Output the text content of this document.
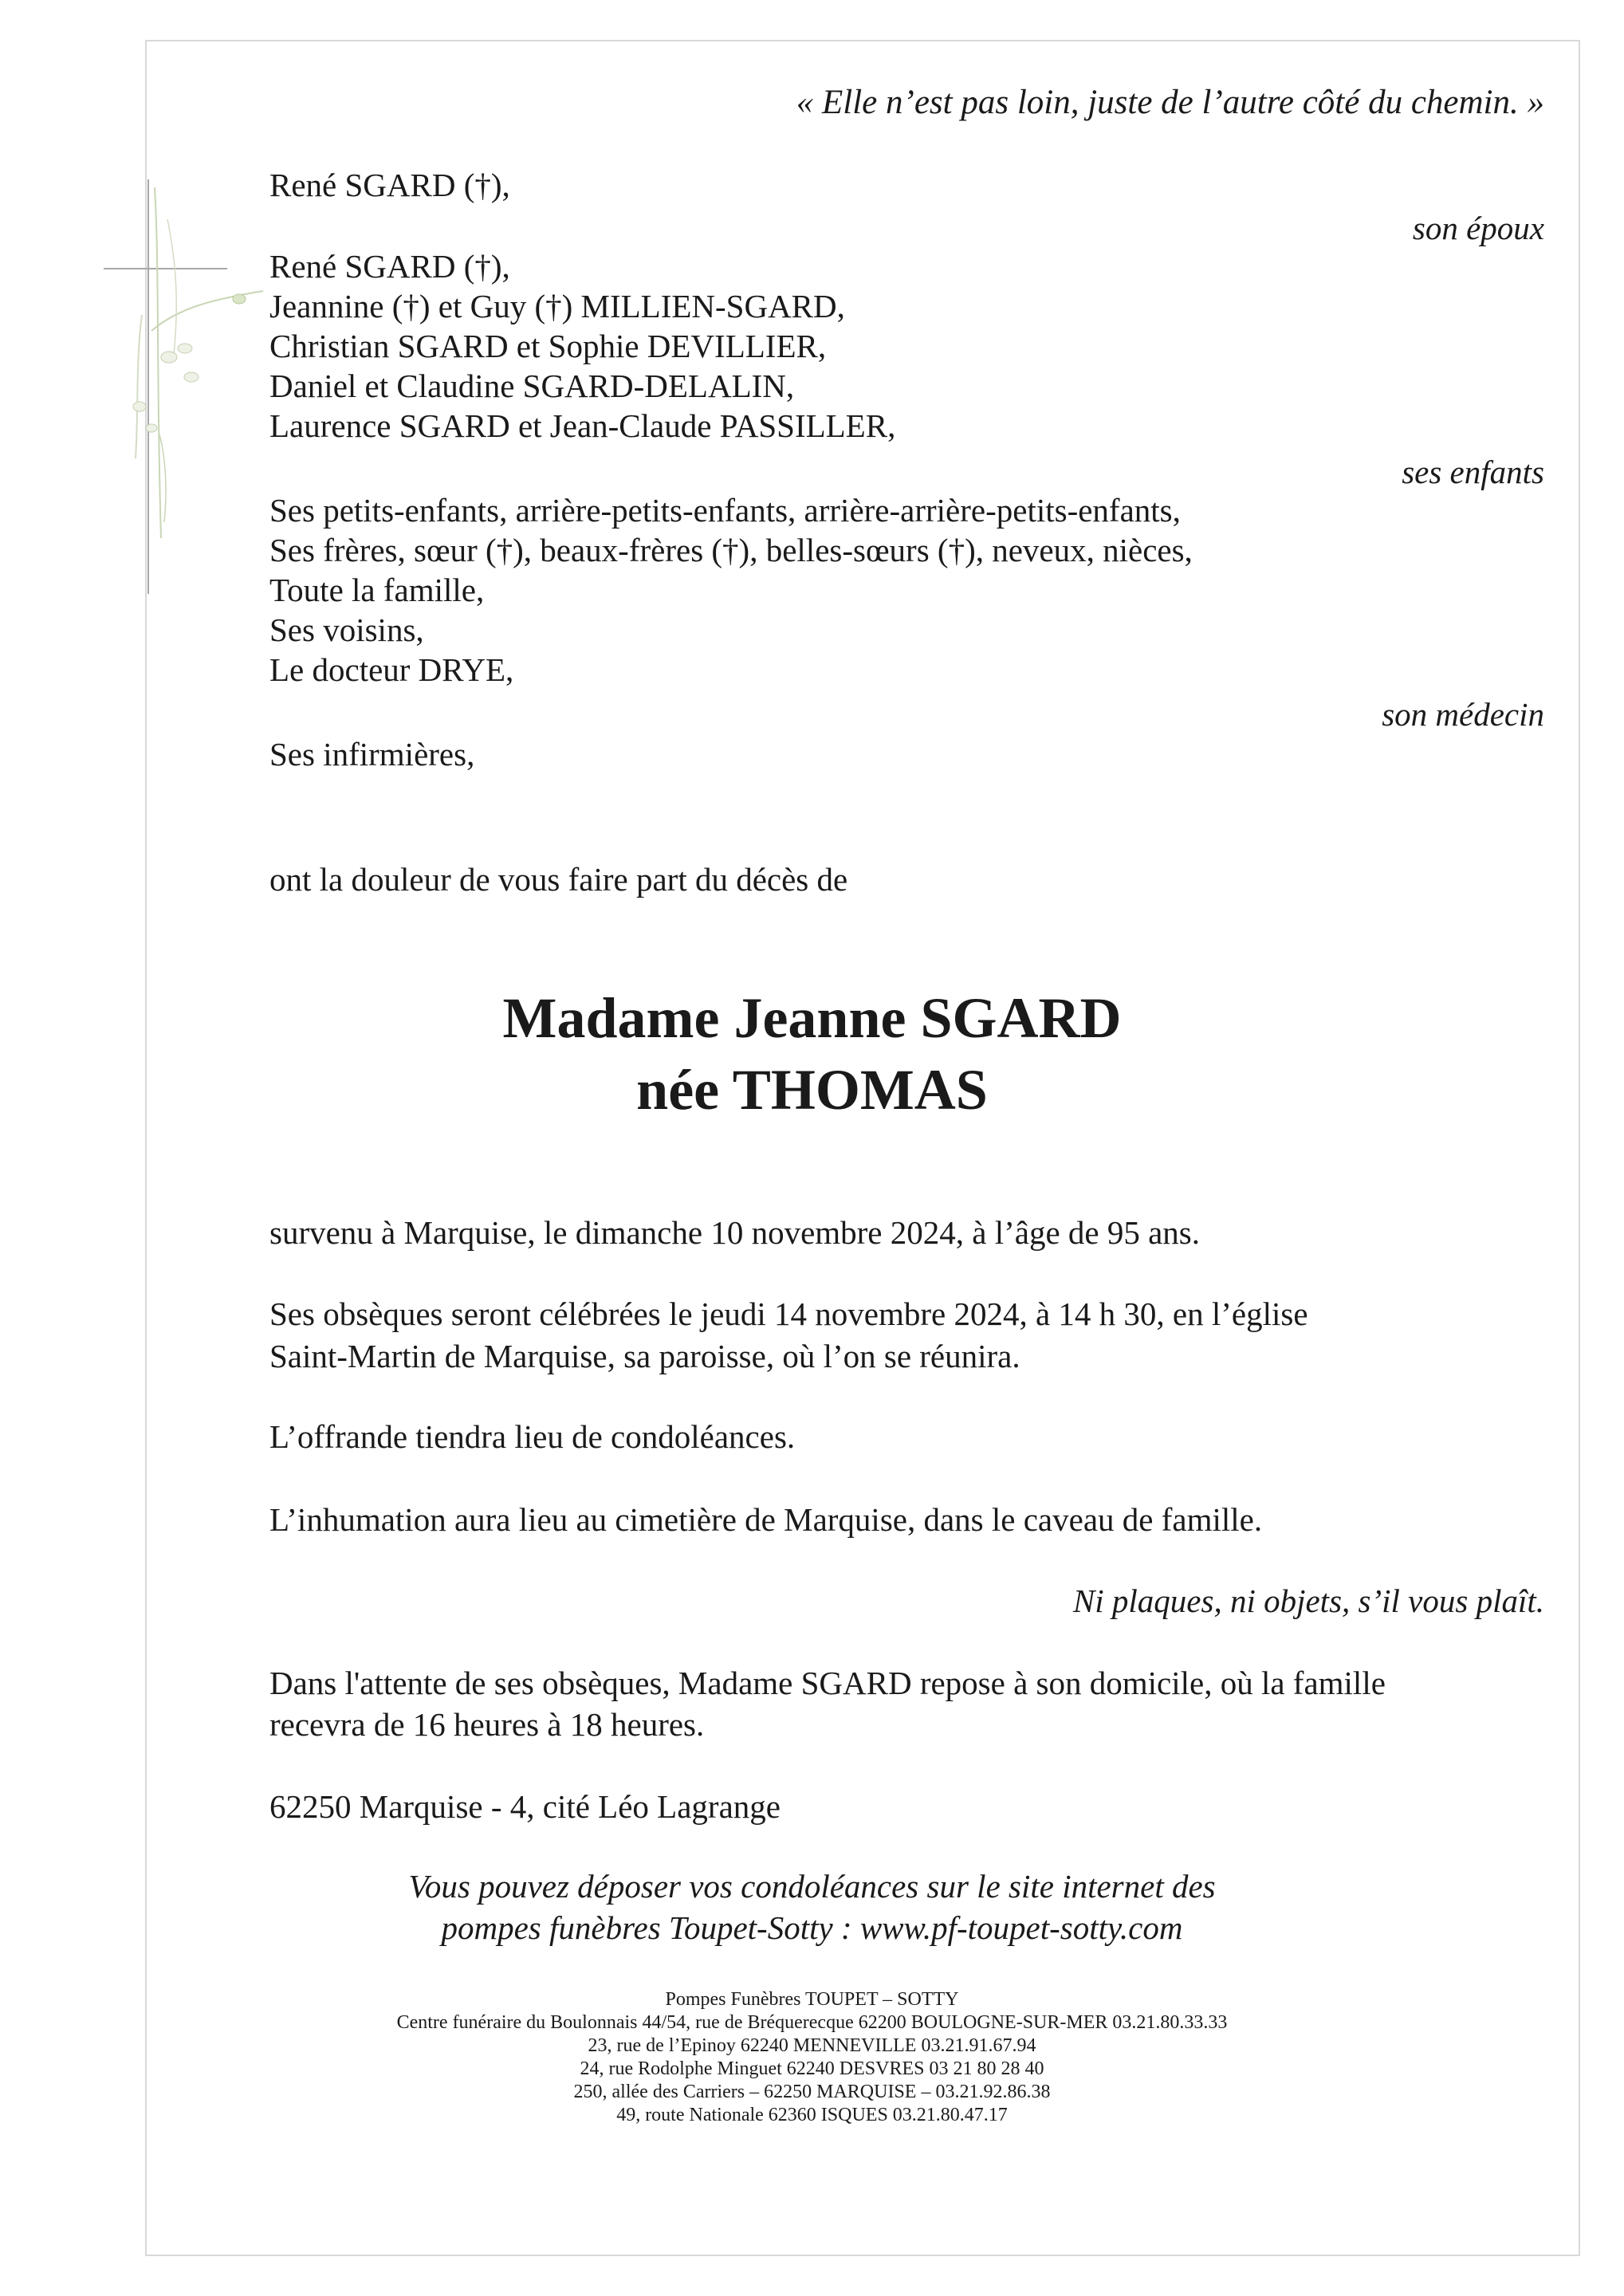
« Elle n’est pas loin, juste de l’autre côté du chemin. »
René SGARD (†),
son époux
René SGARD (†),
Jeannine (†) et Guy (†) MILLIEN-SGARD,
Christian SGARD et Sophie DEVILLIER,
Daniel et Claudine SGARD-DELALIN,
Laurence SGARD et Jean-Claude PASSILLER,
ses enfants
Ses petits-enfants, arrière-petits-enfants, arrière-arrière-petits-enfants,
Ses frères, sœur (†), beaux-frères (†), belles-sœurs (†), neveux, nièces,
Toute la famille,
Ses voisins,
Le docteur DRYE,
son médecin
Ses infirmières,
ont la douleur de vous faire part du décès de
Madame Jeanne SGARD
née THOMAS
survenu à Marquise, le dimanche 10 novembre 2024, à l’âge de 95 ans.
Ses obsèques seront célébrées le jeudi 14 novembre 2024, à 14 h 30, en l’église
Saint-Martin de Marquise, sa paroisse, où l’on se réunira.
L’offrande tiendra lieu de condoléances.
L’inhumation aura lieu au cimetière de Marquise, dans le caveau de famille.
Ni plaques, ni objets, s’il vous plaît.
Dans l'attente de ses obsèques, Madame SGARD repose à son domicile, où la famille
recevra de 16 heures à 18 heures.
62250 Marquise - 4, cité Léo Lagrange
Vous pouvez déposer vos condoléances sur le site internet des
pompes funèbres Toupet-Sotty : www.pf-toupet-sotty.com
Pompes Funèbres TOUPET – SOTTY
Centre funéraire du Boulonnais 44/54, rue de Bréquerecque 62200 BOULOGNE-SUR-MER 03.21.80.33.33
23, rue de l’Epinoy 62240 MENNEVILLE 03.21.91.67.94
24, rue Rodolphe Minguet 62240 DESVRES 03 21 80 28 40
250, allée des Carriers – 62250 MARQUISE – 03.21.92.86.38
49, route Nationale 62360 ISQUES 03.21.80.47.17
